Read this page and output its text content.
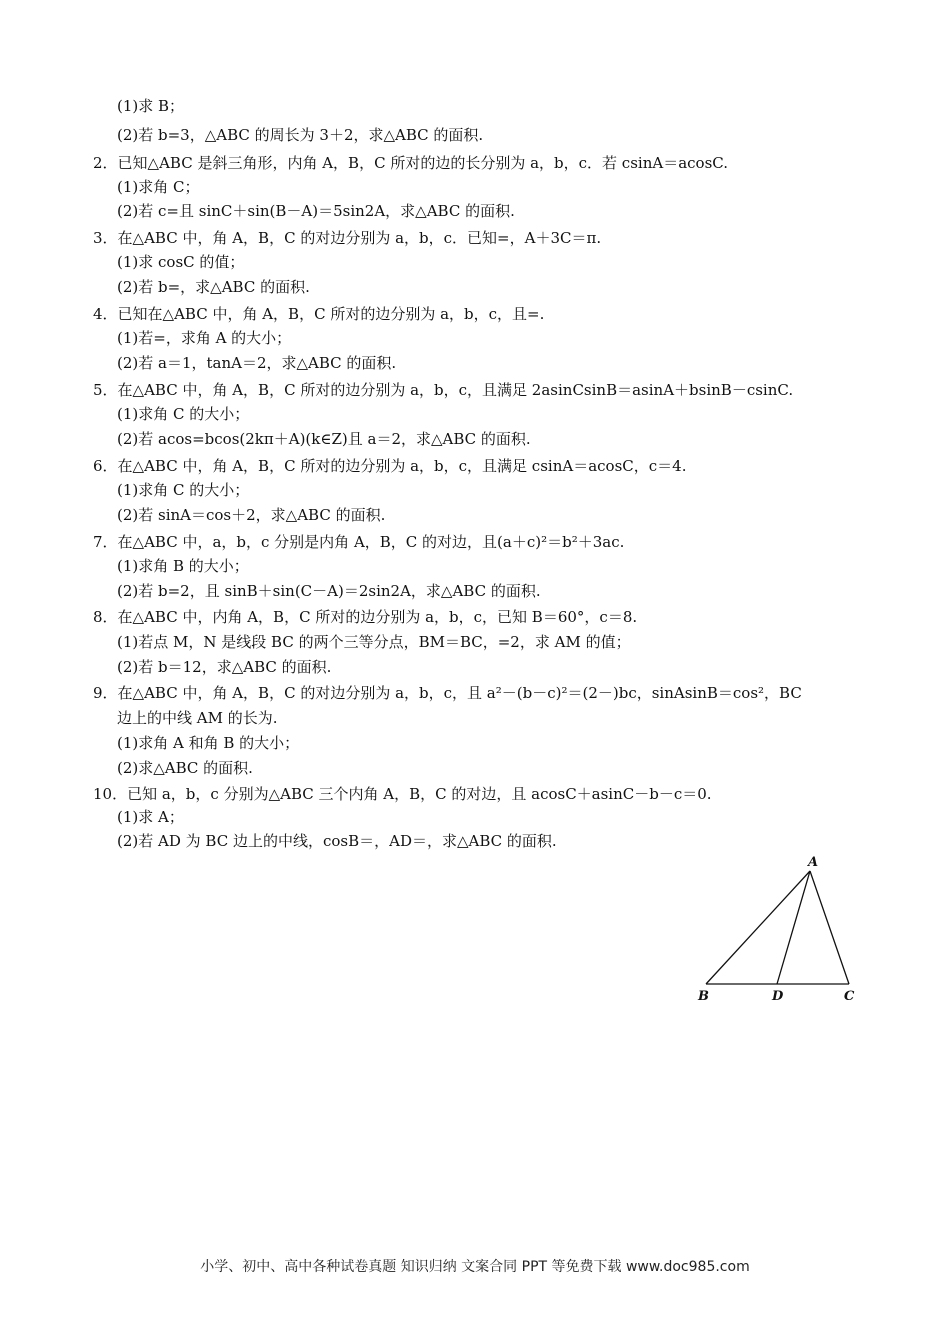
(1)求 B；
(2)若 b=3，△ABC 的周长为 3＋2，求△ABC 的面积.
2．已知△ABC 是斜三角形，内角 A，B，C 所对的边的长分别为 a，b，c．若 csinA＝acosC.
(1)求角 C；
(2)若 c=且 sinC＋sin(B－A)＝5sin2A，求△ABC 的面积.
3．在△ABC 中，角 A，B，C 的对边分别为 a，b，c．已知=，A＋3C＝π.
(1)求 cosC 的值；
(2)若 b=，求△ABC 的面积.
4．已知在△ABC 中，角 A，B，C 所对的边分别为 a，b，c，且=.
(1)若=，求角 A 的大小；
(2)若 a＝1，tanA＝2，求△ABC 的面积.
5．在△ABC 中，角 A，B，C 所对的边分别为 a，b，c，且满足 2asinCsinB＝asinA＋bsinB－csinC.
(1)求角 C 的大小；
(2)若 acos=bcos(2kπ＋A)(k∈Z)且 a＝2，求△ABC 的面积.
6．在△ABC 中，角 A，B，C 所对的边分别为 a，b，c，且满足 csinA＝acosC，c＝4.
(1)求角 C 的大小；
(2)若 sinA＝cos＋2，求△ABC 的面积.
7．在△ABC 中，a，b，c 分别是内角 A，B，C 的对边，且(a＋c)²＝b²＋3ac.
(1)求角 B 的大小；
(2)若 b=2，且 sinB＋sin(C－A)＝2sin2A，求△ABC 的面积.
8．在△ABC 中，内角 A，B，C 所对的边分别为 a，b，c，已知 B＝60°，c＝8.
(1)若点 M，N 是线段 BC 的两个三等分点，BM＝BC，=2，求 AM 的值；
(2)若 b＝12，求△ABC 的面积.
9．在△ABC 中，角 A，B，C 的对边分别为 a，b，c，且 a²－(b－c)²＝(2－)bc，sinAsinB＝cos²，BC
边上的中线 AM 的长为.
(1)求角 A 和角 B 的大小；
(2)求△ABC 的面积.
10．已知 a，b，c 分别为△ABC 三个内角 A，B，C 的对边，且 acosC＋asinC－b－c＝0.
(1)求 A；
(2)若 AD 为 BC 边上的中线，cosB＝，AD＝，求△ABC 的面积.
A
B	D	C
小学、初中、高中各种试卷真题 知识归纳 文案合同 PPT 等免费下载 www.doc985.com
